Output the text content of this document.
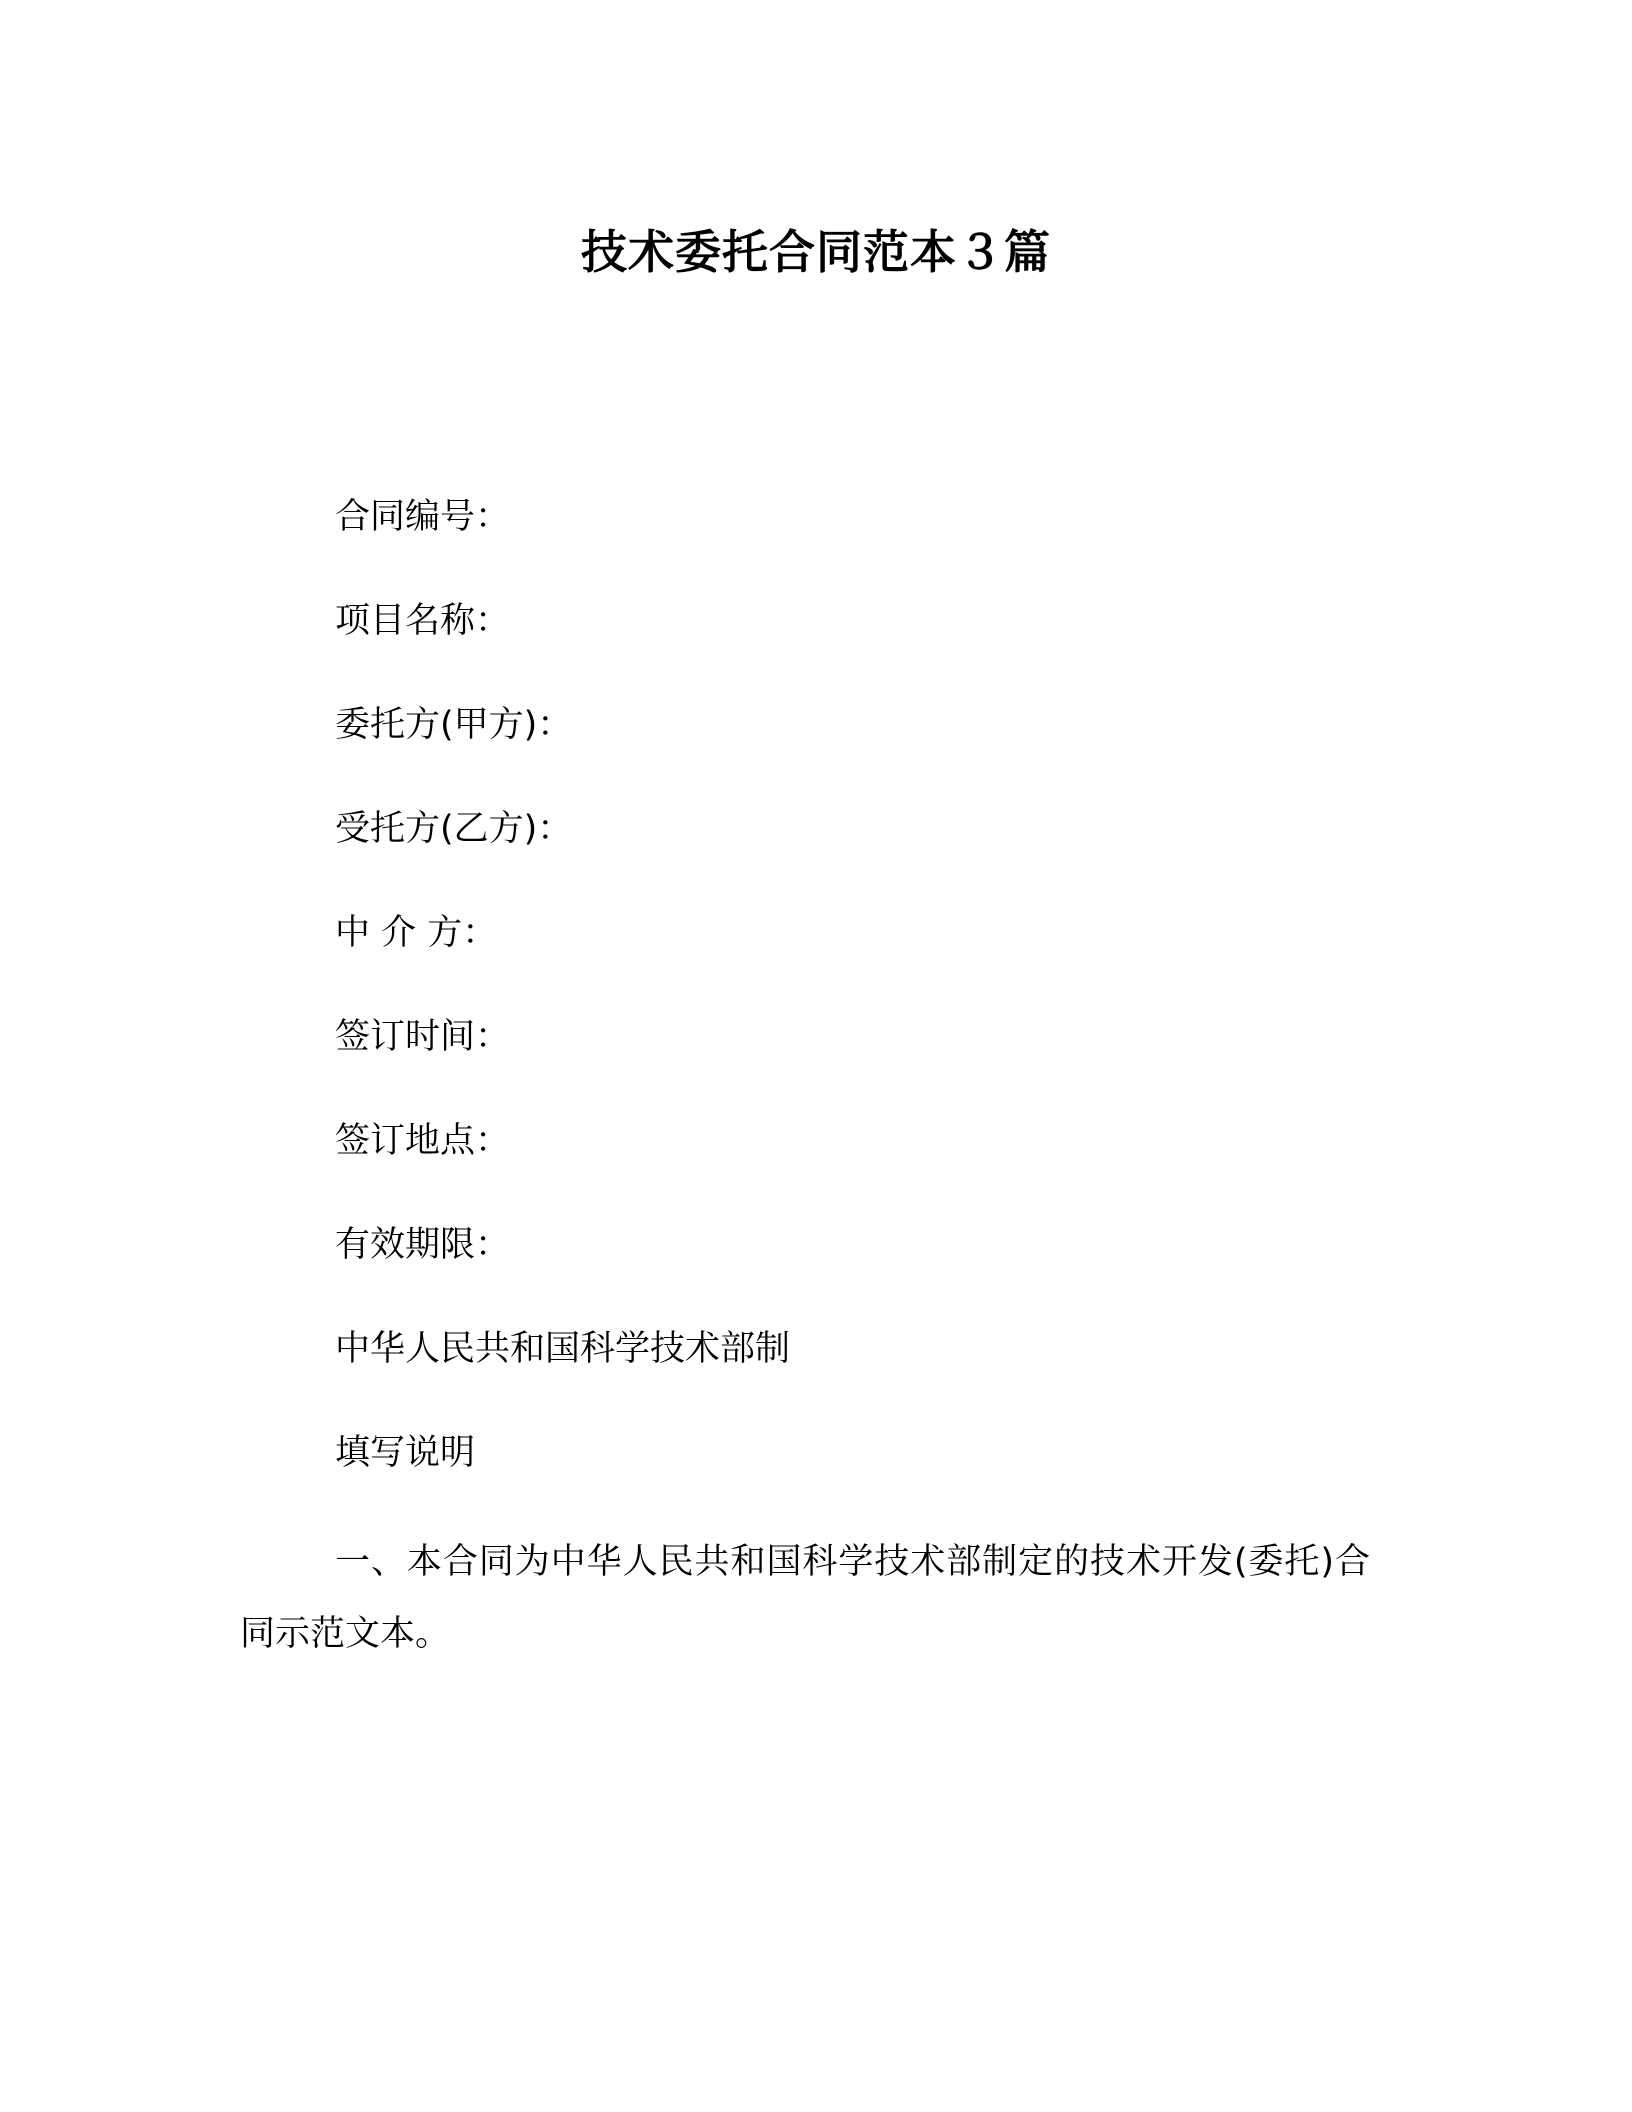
技术委托合同范本３篇
合同编号：
项目名称：
委托方(甲方)：
受托方(乙方)：
中 介 方：
签订时间：
签订地点：
有效期限：
中华人民共和国科学技术部制
填写说明
一、本合同为中华人民共和国科学技术部制定的技术开发(委托)合同示范文本。
